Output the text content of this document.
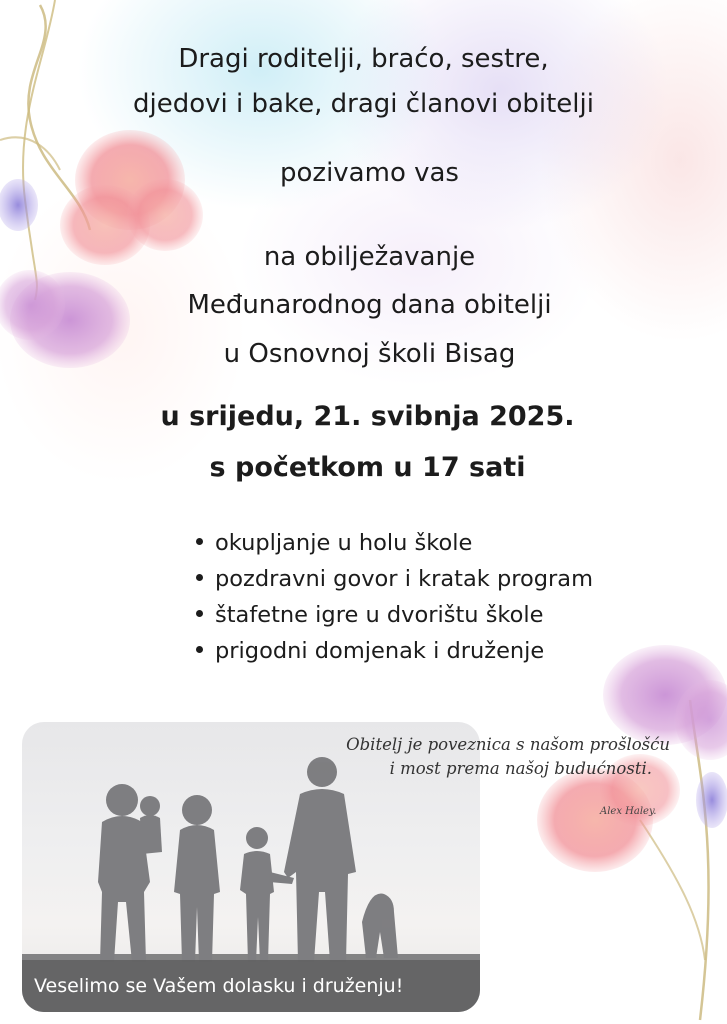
Dragi roditelji, braćo, sestre,

djedovi i bake, dragi članovi obitelji

pozivamo vas

na obilježavanje

Međunarodnog dana obitelji

u Osnovnoj školi Bisag

u srijedu, 21. svibnja 2025.

s početkom u 17 sati

okupljanje u holu škole
pozdravni govor i kratak program
štafetne igre u dvorištu škole
prigodni domjenak i druženje
Veselimo se Vašem dolasku i druženju!
Obitelj je poveznica s našom prošlošću
i most prema našoj budućnosti.
Alex Haley.
